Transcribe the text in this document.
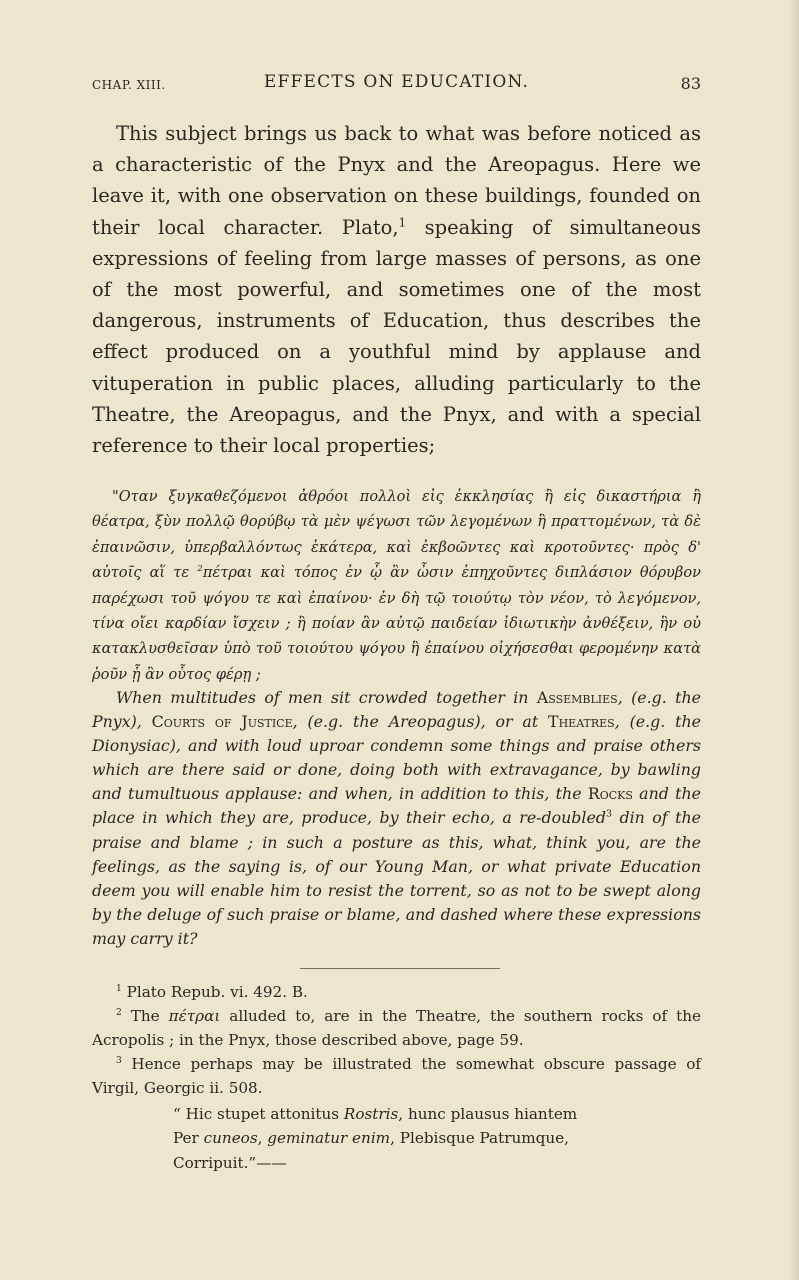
CHAP. XIII.	EFFECTS ON EDUCATION.	83

This subject brings us back to what was before noticed as a characteristic of the Pnyx and the Areopagus. Here we leave it, with one observation on these buildings, founded on their local character. Plato,$^1$ speaking of simultaneous expressions of feeling from large masses of persons, as one of the most powerful, and sometimes one of the most dangerous, instruments of Education, thus describes the effect produced on a youthful mind by applause and vituperation in public places, alluding particularly to the Theatre, the Areopagus, and the Pnyx, and with a special reference to their local properties;

"Οταν ξυγκαθεζόμενοι ἀθρόοι πολλοὶ εἰς ἐκκλησίας ἢ εἰς δικαστήρια ἢ θέατρα, ξὺν πολλῷ θορύβῳ τὰ μὲν ψέγωσι τῶν λεγομένων ἢ πραττομένων, τὰ δὲ ἐπαινῶσιν, ὑπερβαλλόντως ἑκάτερα, καὶ ἐκβοῶντες καὶ κροτοῦντες· πρὸς δ' αὐτοῖς αἵ τε $^2$πέτραι καὶ τόπος ἐν ᾧ ἂν ὦσιν ἐπηχοῦντες διπλάσιον θόρυβον παρέχωσι τοῦ ψόγου τε καὶ ἐπαίνου· ἐν δὴ τῷ τοιούτῳ τὸν νέον, τὸ λεγόμενον, τίνα οἴει καρδίαν ἴσχειν ; ἢ ποίαν ἂν αὐτῷ παιδείαν ἰδιωτικὴν ἀνθέξειν, ἣν οὐ κατακλυσθεῖσαν ὑπὸ τοῦ τοιούτου ψόγου ἢ ἐπαίνου οἰχήσεσθαι φερομένην κατὰ ῥοῦν ᾗ ἂν οὗτος φέρῃ ;

When multitudes of men sit crowded together in Assemblies, (e.g. the Pnyx), Courts of Justice, (e.g. the Areopagus), or at Theatres, (e.g. the Dionysiac), and with loud uproar condemn some things and praise others which are there said or done, doing both with extravagance, by bawling and tumultuous applause: and when, in addition to this, the Rocks and the place in which they are, produce, by their echo, a re-doubled$^3$ din of the praise and blame ; in such a posture as this, what, think you, are the feelings, as the saying is, of our Young Man, or what private Education deem you will enable him to resist the torrent, so as not to be swept along by the deluge of such praise or blame, and dashed where these expressions may carry it?

$^1$ Plato Repub. vi. 492. B.

$^2$ The πέτραι alluded to, are in the Theatre, the southern rocks of the Acropolis ; in the Pnyx, those described above, page 59.

$^3$ Hence perhaps may be illustrated the somewhat obscure passage of Virgil, Georgic ii. 508.

“ Hic stupet attonitus Rostris, hunc plausus hiantem
Per cuneos, geminatur enim, Plebisque Patrumque,
Corripuit.”——
